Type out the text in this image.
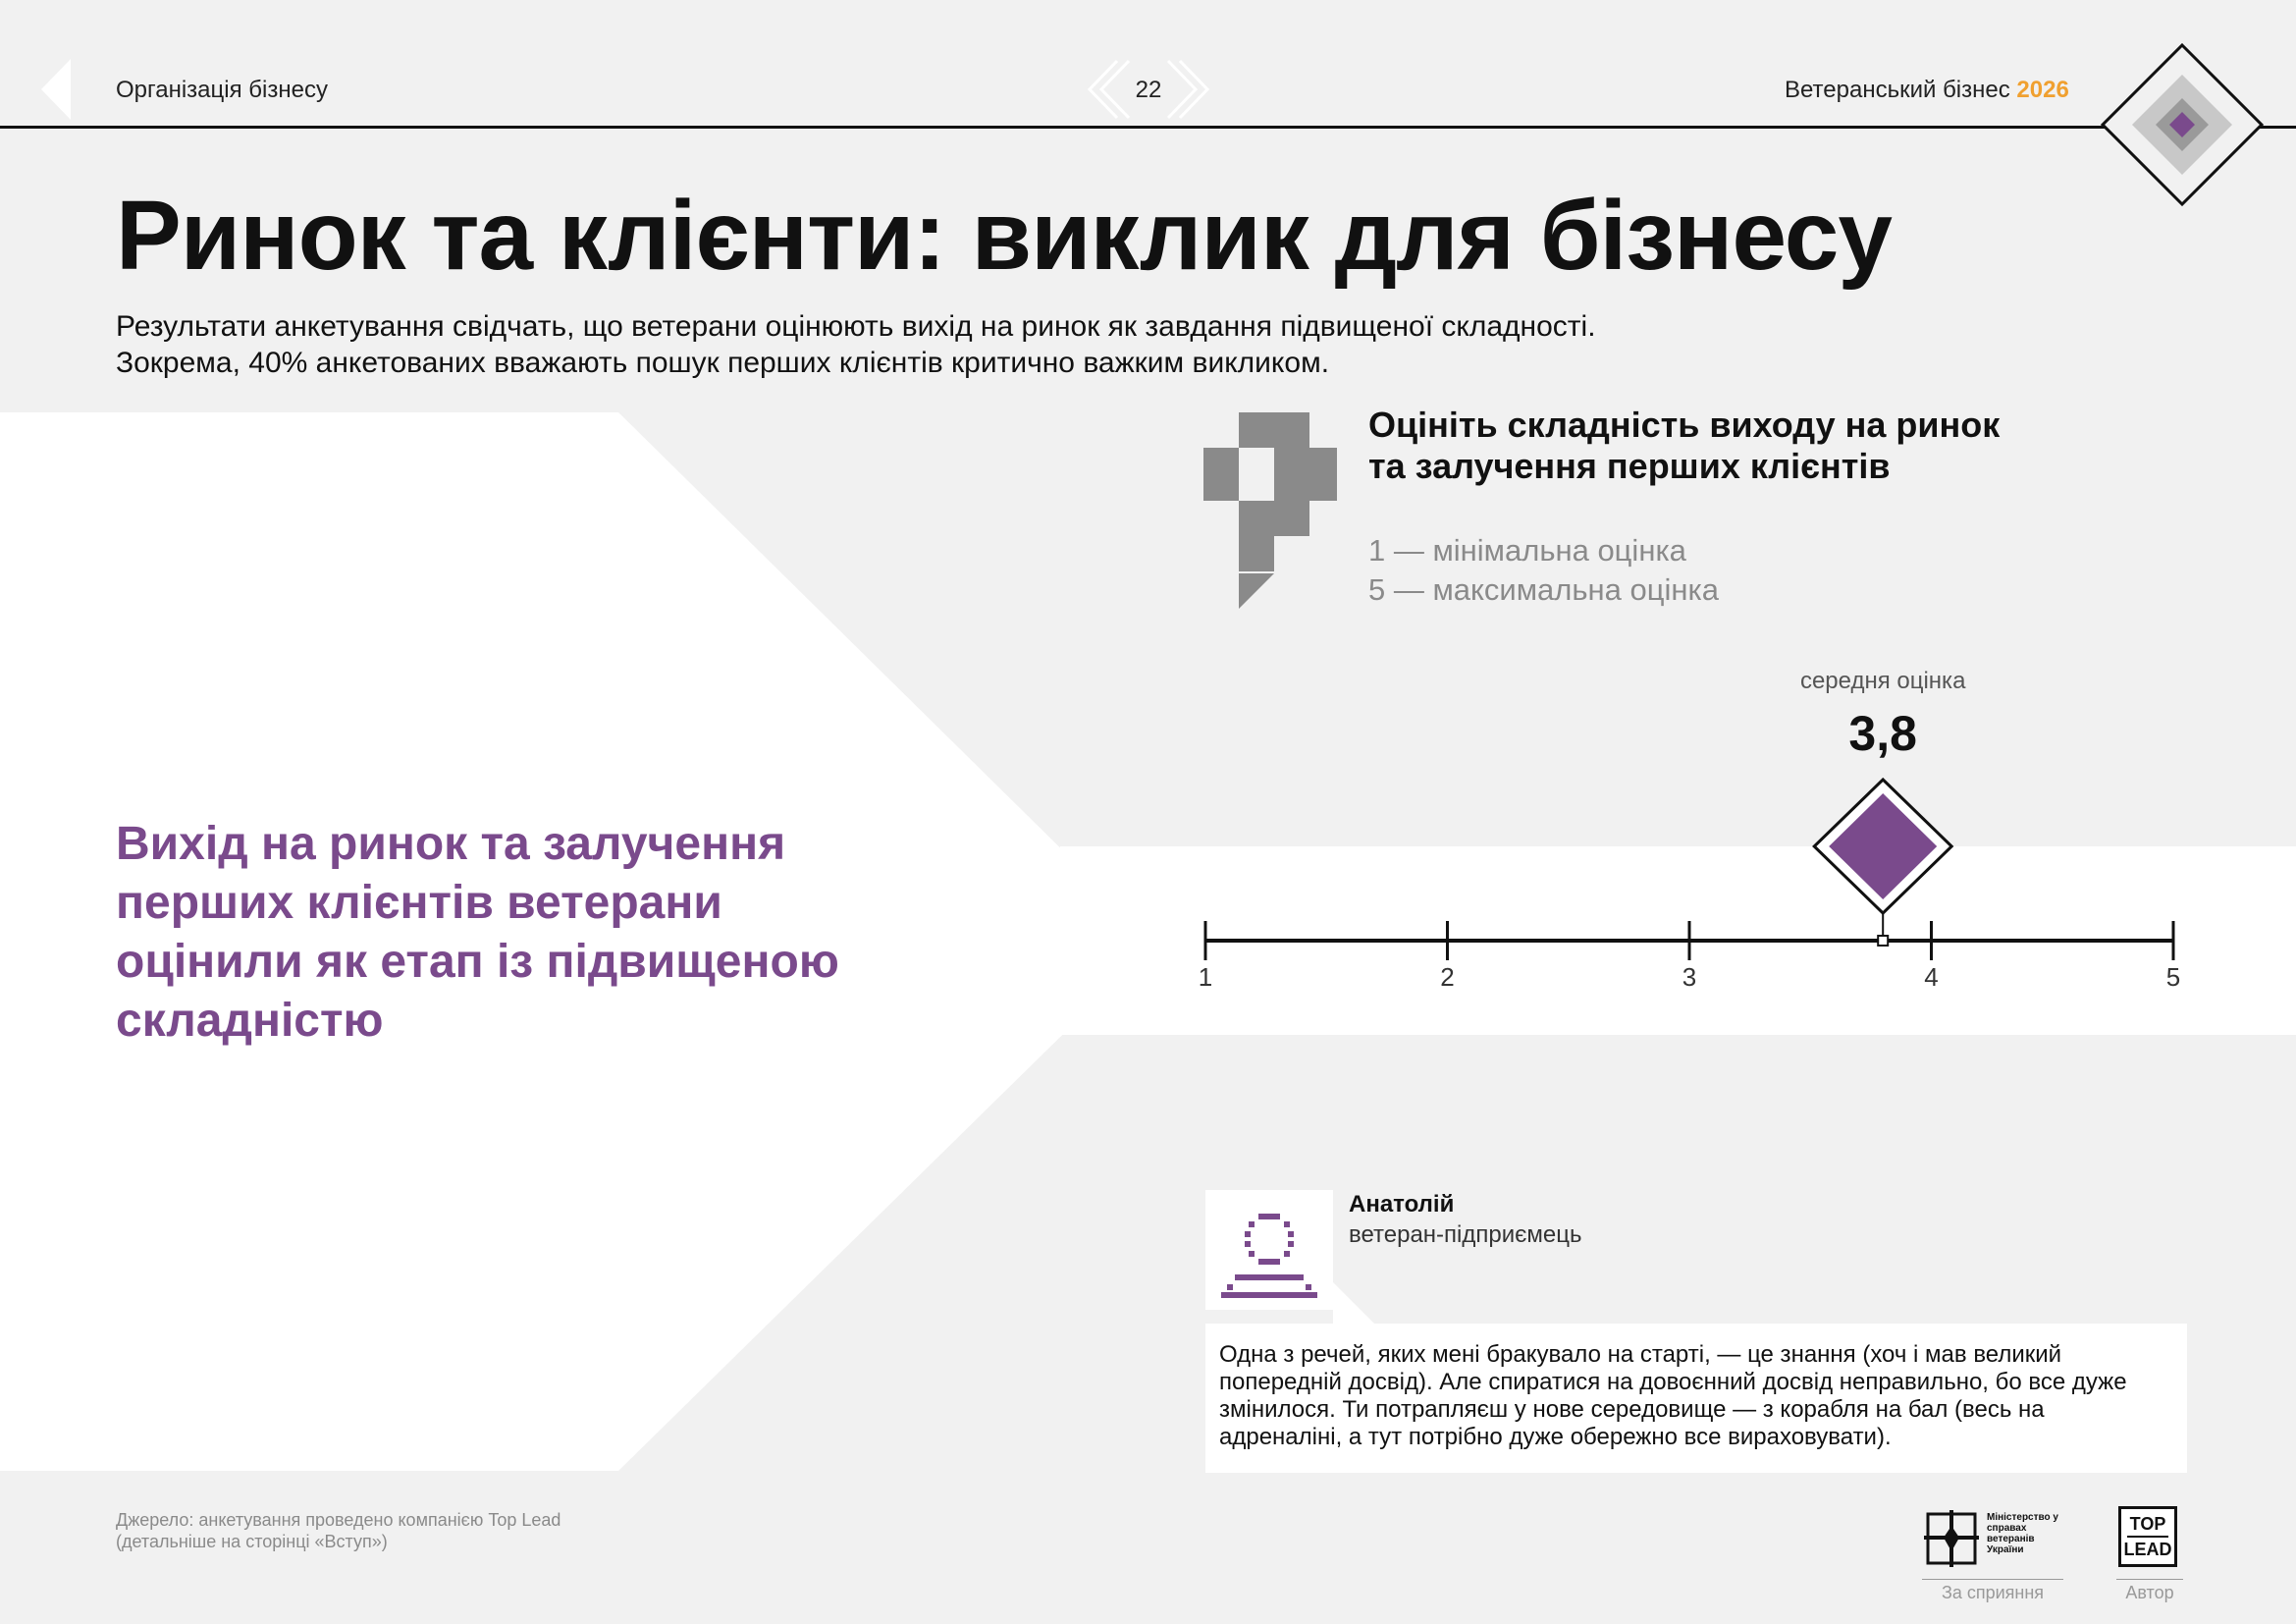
Організація бізнесу	22	Ветеранський бізнес 2026
Ринок та клієнти: виклик для бізнесу
Результати анкетування свідчать, що ветерани оцінюють вихід на ринок як завдання підвищеної складності.
Зокрема, 40% анкетованих вважають пошук перших клієнтів критично важким викликом.
Вихід на ринок та залучення перших клієнтів ветерани оцінили як етап із підвищеною складністю
Оцініть складність виходу на ринок
та залучення перших клієнтів
1 — мінімальна оцінка
5 — максимальна оцінка
середня оцінка
3,8
1	2	3	4	5
Анатолій
ветеран-підприємець
Одна з речей, яких мені бракувало на старті, — це знання (хоч і мав великий попередній досвід). Але спиратися на довоєнний досвід неправильно, бо все дуже змінилося. Ти потрапляєш у нове середовище — з корабля на бал (весь на адреналіні, а тут потрібно дуже обережно все вираховувати).
Джерело: анкетування проведено компанією Top Lead
(детальніше на сторінці «Вступ»)
Міністерство у справах ветеранів України
За сприяння
TOP
LEAD
Автор
